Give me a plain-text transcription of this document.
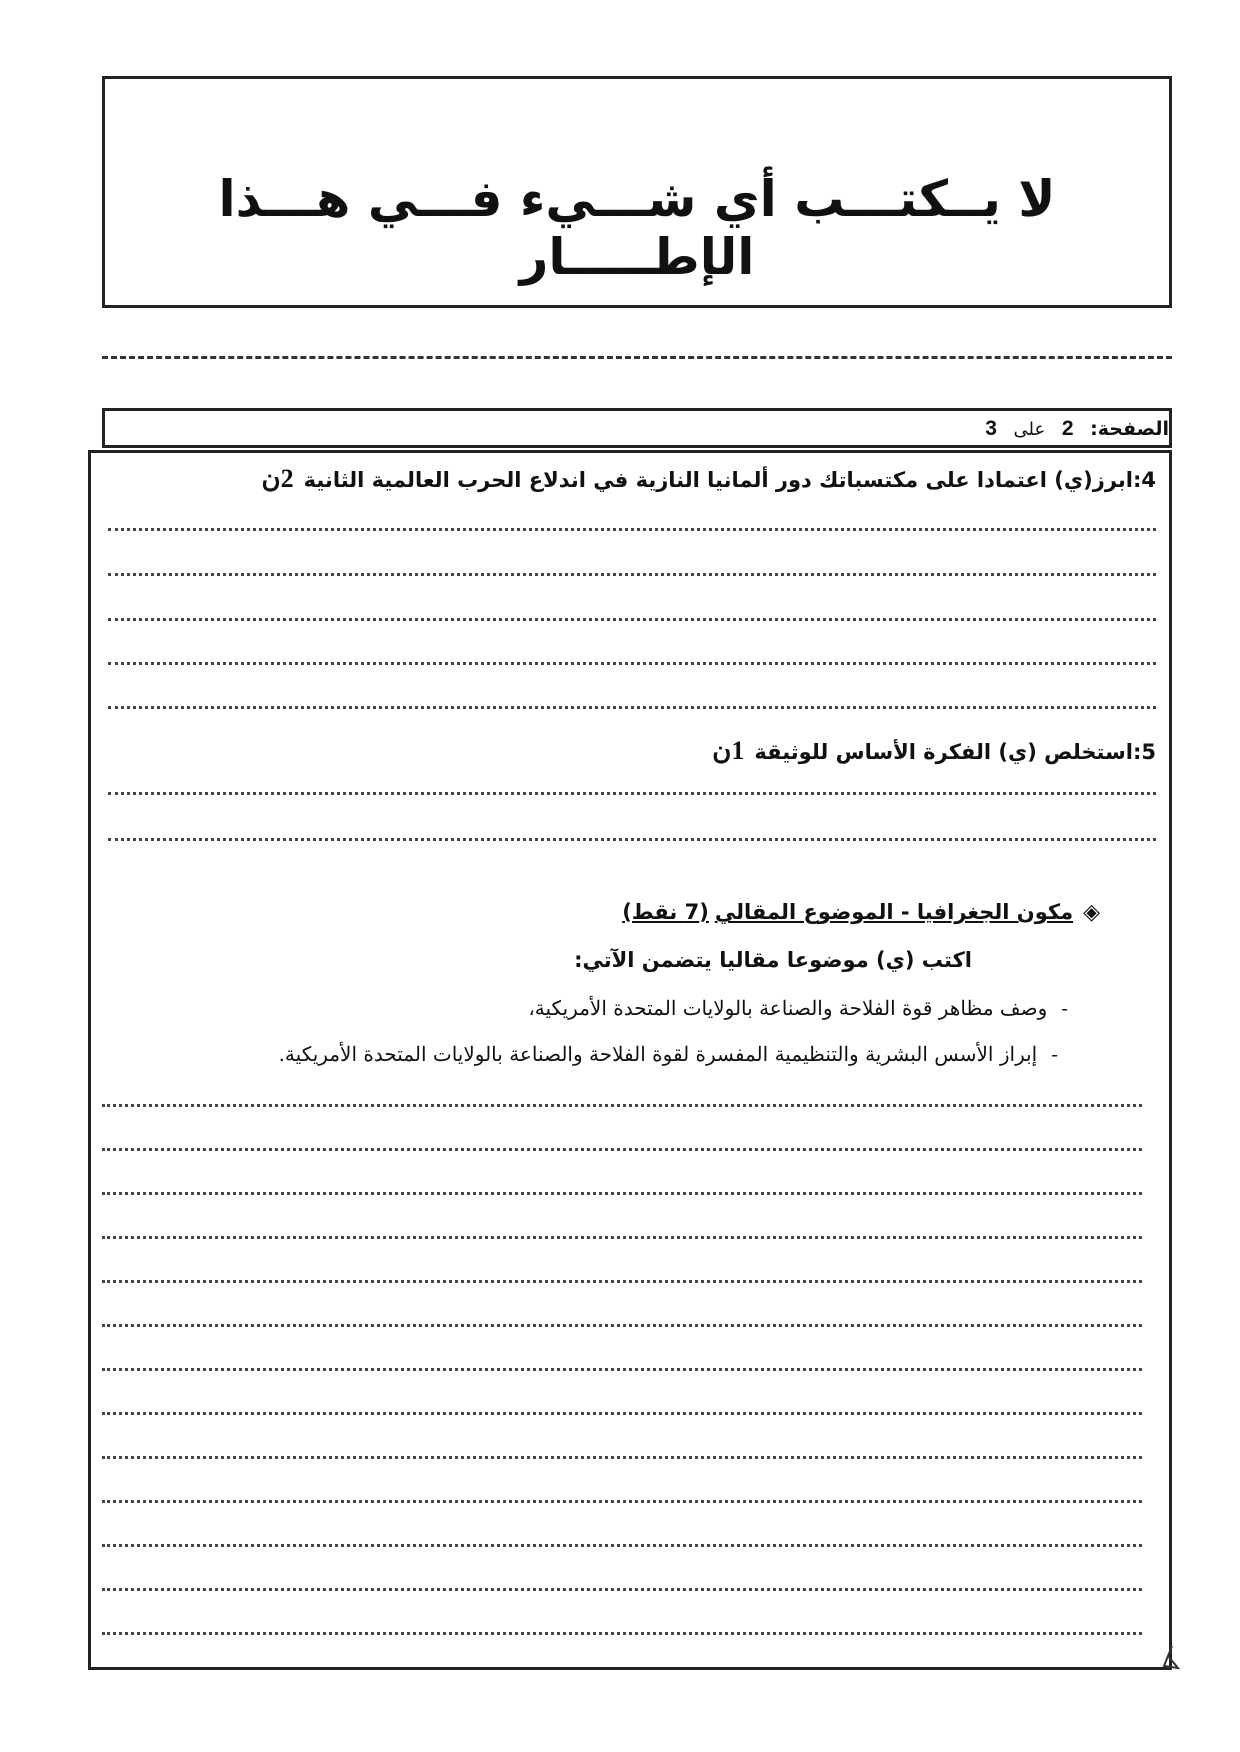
لا يــكتـــب أي شـــيء فـــي هـــذا الإطـــــار
الصفحة: 2 على 3
4:ابرز(ي) اعتمادا على مكتسباتك دور ألمانيا النازية في اندلاع الحرب العالمية الثانية2ن
5:استخلص (ي) الفكرة الأساس للوثيقة1ن
◈مكون الجغرافيا - الموضوع المقالي(7 نقط)
اكتب (ي) موضوعا مقاليا يتضمن الآتي:
-وصف مظاهر قوة الفلاحة والصناعة بالولايات المتحدة الأمريكية،
-إبراز الأسس البشرية والتنظيمية المفسرة لقوة الفلاحة والصناعة بالولايات المتحدة الأمريكية.
